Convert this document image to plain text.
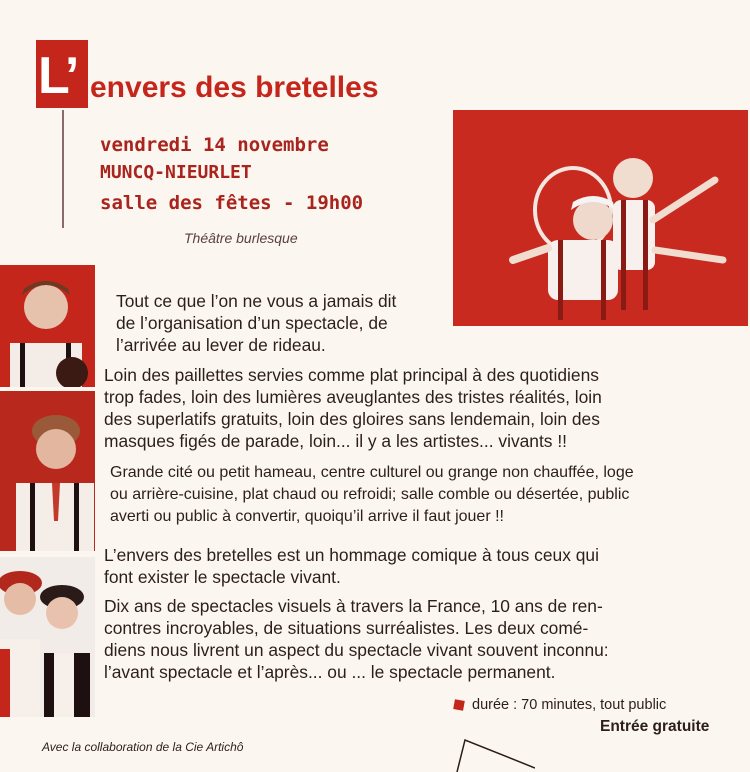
L’ envers des bretelles
vendredi 14 novembre
MUNCQ-NIEURLET
salle des fêtes - 19h00
Théâtre burlesque
Tout ce que l’on ne vous a jamais dit
de l’organisation d’un spectacle, de
l’arrivée au lever de rideau.
Loin des paillettes servies comme plat principal à des quotidiens
trop fades, loin des lumières aveuglantes des tristes réalités, loin
des superlatifs gratuits, loin des gloires sans lendemain, loin des
masques figés de parade, loin... il y a les artistes... vivants !!
Grande cité ou petit hameau, centre culturel ou grange non chauffée, loge
ou arrière-cuisine, plat chaud ou refroidi; salle comble ou désertée, public
averti ou public à convertir, quoiqu’il arrive il faut jouer !!
L’envers des bretelles est un hommage comique à tous ceux qui
font exister le spectacle vivant.
Dix ans de spectacles visuels à travers la France, 10 ans de ren-
contres incroyables, de situations surréalistes. Les deux comé-
diens nous livrent un aspect du spectacle vivant souvent inconnu:
l’avant spectacle et l’après... ou ... le spectacle permanent.
durée : 70 minutes, tout public
Entrée gratuite
Avec la collaboration de la Cie Artichô
